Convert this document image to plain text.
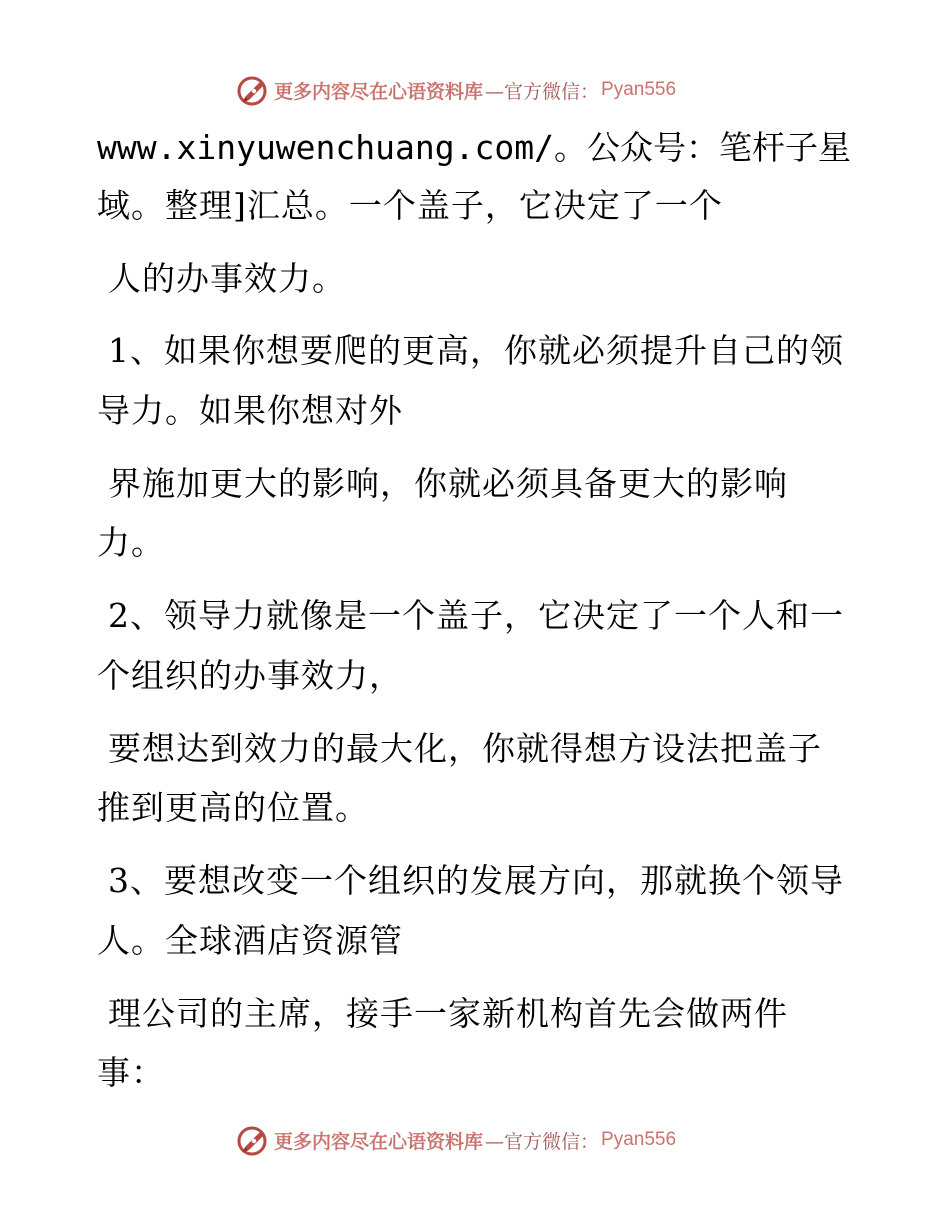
更多内容尽在心语资料库 —官方微信： Pyan556
www.xinyuwenchuang.com/。公众号：笔杆子星
域。整理]汇总。一个盖子，它决定了一个
人的办事效力。
1、如果你想要爬的更高，你就必须提升自己的领
导力。如果你想对外
界施加更大的影响，你就必须具备更大的影响
力。
2、领导力就像是一个盖子，它决定了一个人和一
个组织的办事效力，
要想达到效力的最大化，你就得想方设法把盖子
推到更高的位置。
3、要想改变一个组织的发展方向，那就换个领导
人。全球酒店资源管
理公司的主席，接手一家新机构首先会做两件
事：
更多内容尽在心语资料库 —官方微信： Pyan556
